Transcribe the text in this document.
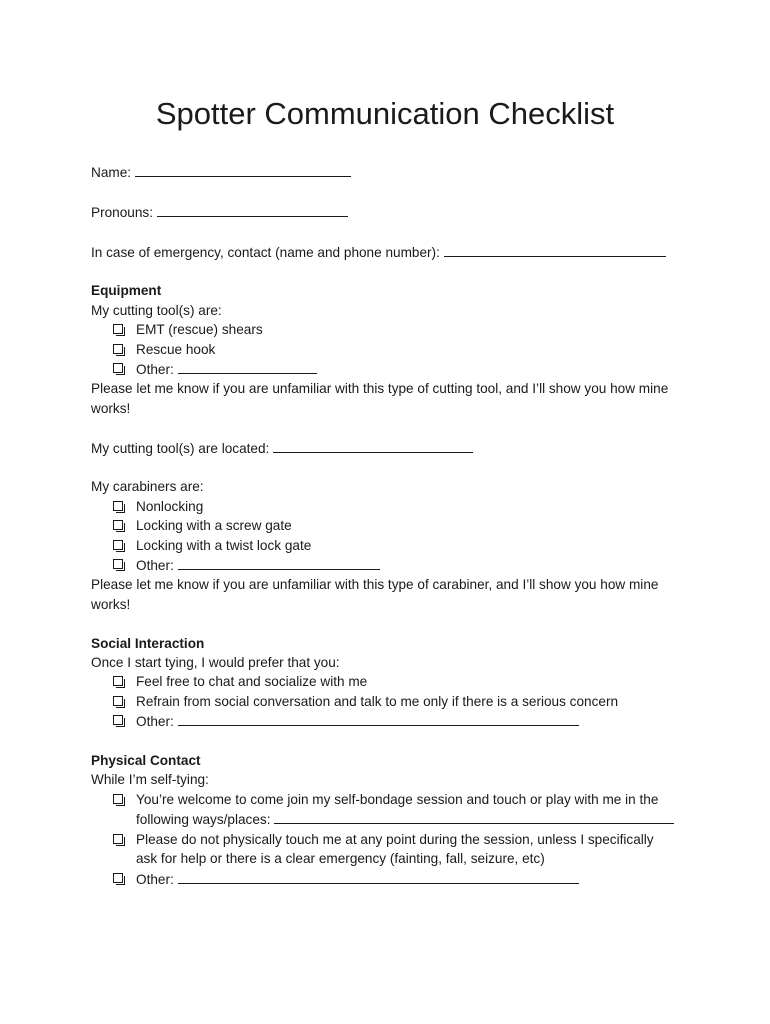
Spotter Communication Checklist

Name:

Pronouns:

In case of emergency, contact (name and phone number):

Equipment

My cutting tool(s) are:

EMT (rescue) shears

Rescue hook

Other:

Please let me know if you are unfamiliar with this type of cutting tool, and I’ll show you how mine

works!

My cutting tool(s) are located:

My carabiners are:

Nonlocking

Locking with a screw gate

Locking with a twist lock gate

Other:

Please let me know if you are unfamiliar with this type of carabiner, and I’ll show you how mine

works!

Social Interaction

Once I start tying, I would prefer that you:

Feel free to chat and socialize with me

Refrain from social conversation and talk to me only if there is a serious concern

Other:

Physical Contact

While I’m self-tying:

You’re welcome to come join my self-bondage session and touch or play with me in the

following ways/places:

Please do not physically touch me at any point during the session, unless I specifically

ask for help or there is a clear emergency (fainting, fall, seizure, etc)

Other:
